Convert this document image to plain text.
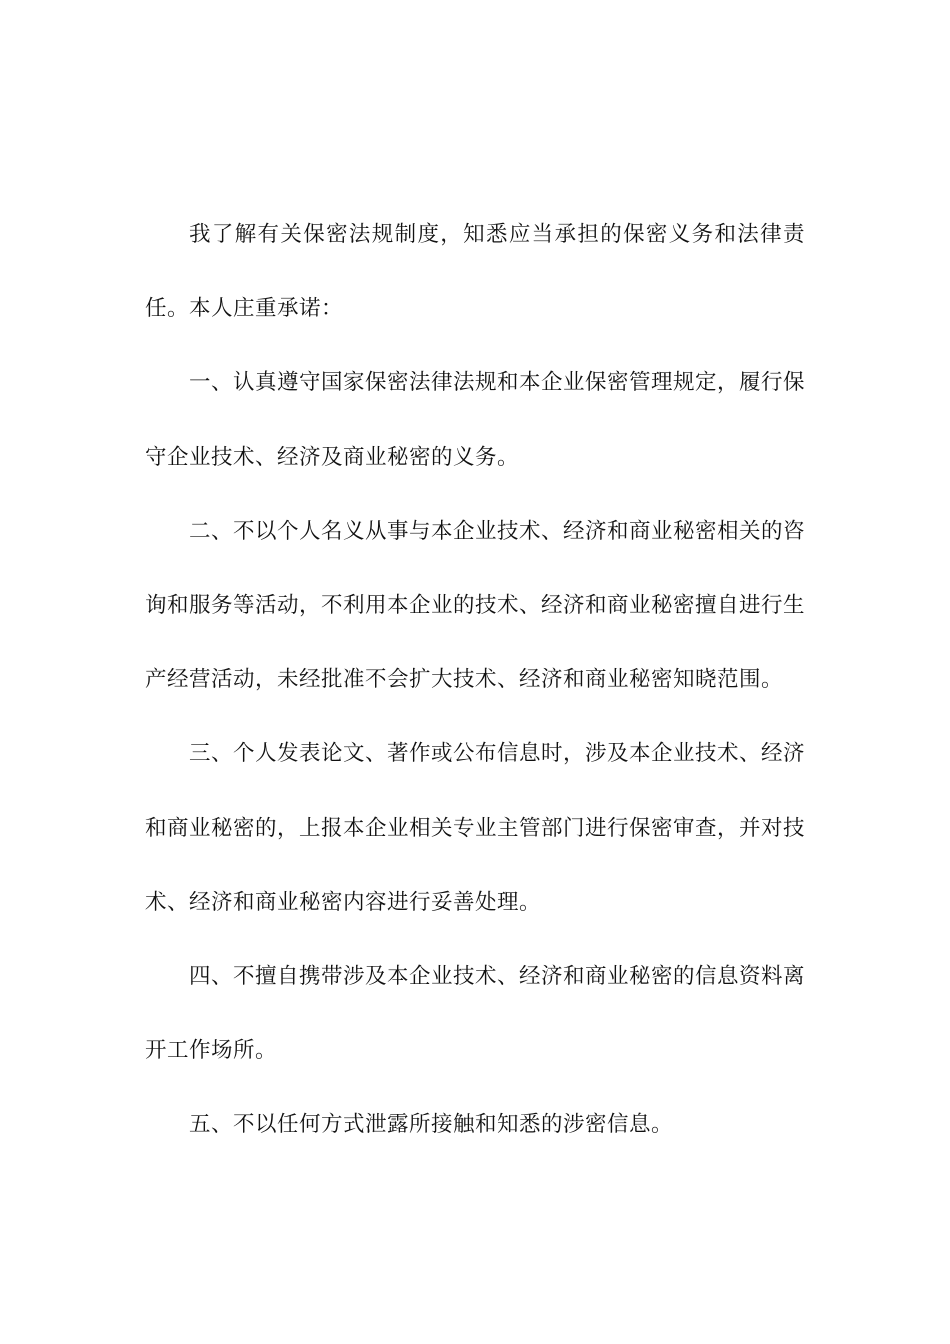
我了解有关保密法规制度，知悉应当承担的保密义务和法律责任。本人庄重承诺：

一、认真遵守国家保密法律法规和本企业保密管理规定，履行保守企业技术、经济及商业秘密的义务。

二、不以个人名义从事与本企业技术、经济和商业秘密相关的咨询和服务等活动，不利用本企业的技术、经济和商业秘密擅自进行生产经营活动，未经批准不会扩大技术、经济和商业秘密知晓范围。

三、个人发表论文、著作或公布信息时，涉及本企业技术、经济和商业秘密的，上报本企业相关专业主管部门进行保密审查，并对技术、经济和商业秘密内容进行妥善处理。

四、不擅自携带涉及本企业技术、经济和商业秘密的信息资料离开工作场所。

五、不以任何方式泄露所接触和知悉的涉密信息。
